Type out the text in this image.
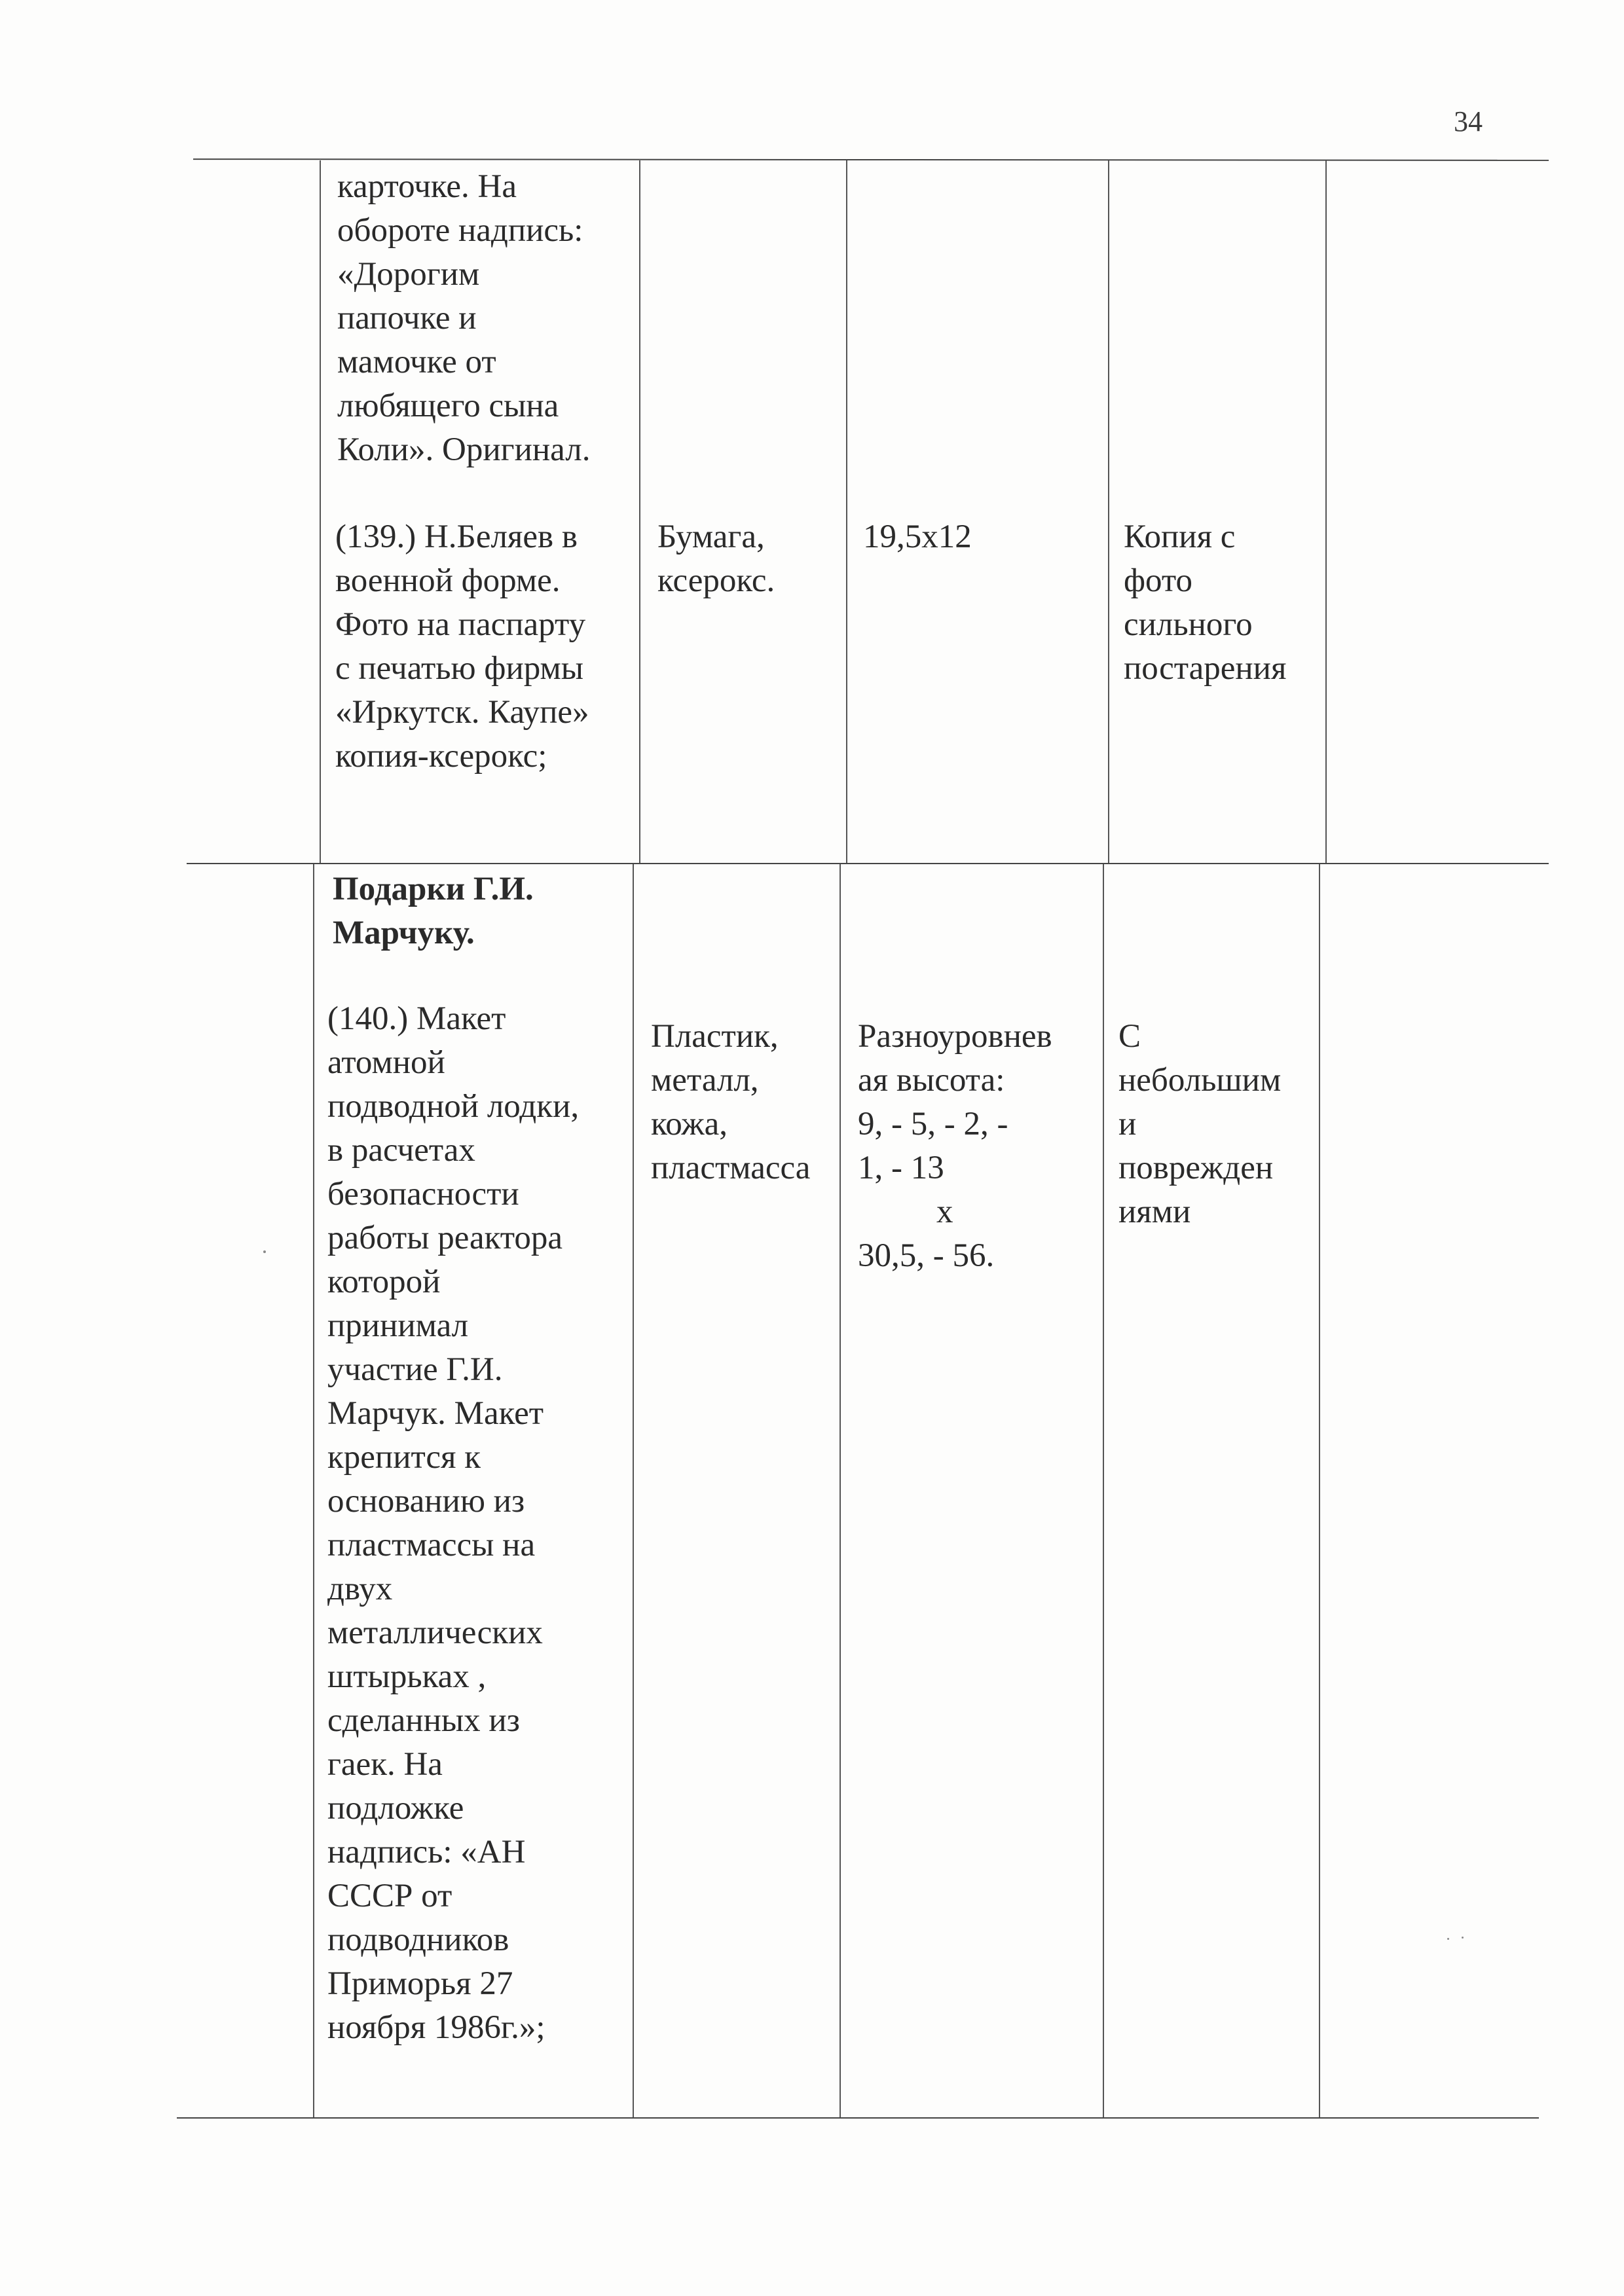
34
карточке. На
обороте надпись:
«Дорогим
папочке и
мамочке от
любящего сына
Коли». Оригинал.
(139.) Н.Беляев в
военной форме.
Фото на паспарту
с печатью фирмы
«Иркутск. Каупе»
копия-ксерокс;
Бумага,
ксерокс.
19,5х12	Копия с
фото
сильного
постарения
Подарки Г.И.
Марчуку.
(140.) Макет
атомной
подводной лодки,
в расчетах
безопасности
работы реактора
которой
принимал
участие Г.И.
Марчук. Макет
крепится к
основанию из
пластмассы на
двух
металлических
штырьках ,
сделанных из
гаек. На
подложке
надпись: «АН
СССР от
подводников
Приморья 27
ноября 1986г.»;
Пластик,
металл,
кожа,
пластмасса
Разноуровнев
ая высота:
9, - 5, - 2, -
1, - 13
х
30,5, - 56.
С
небольшим
и
поврежден
иями
